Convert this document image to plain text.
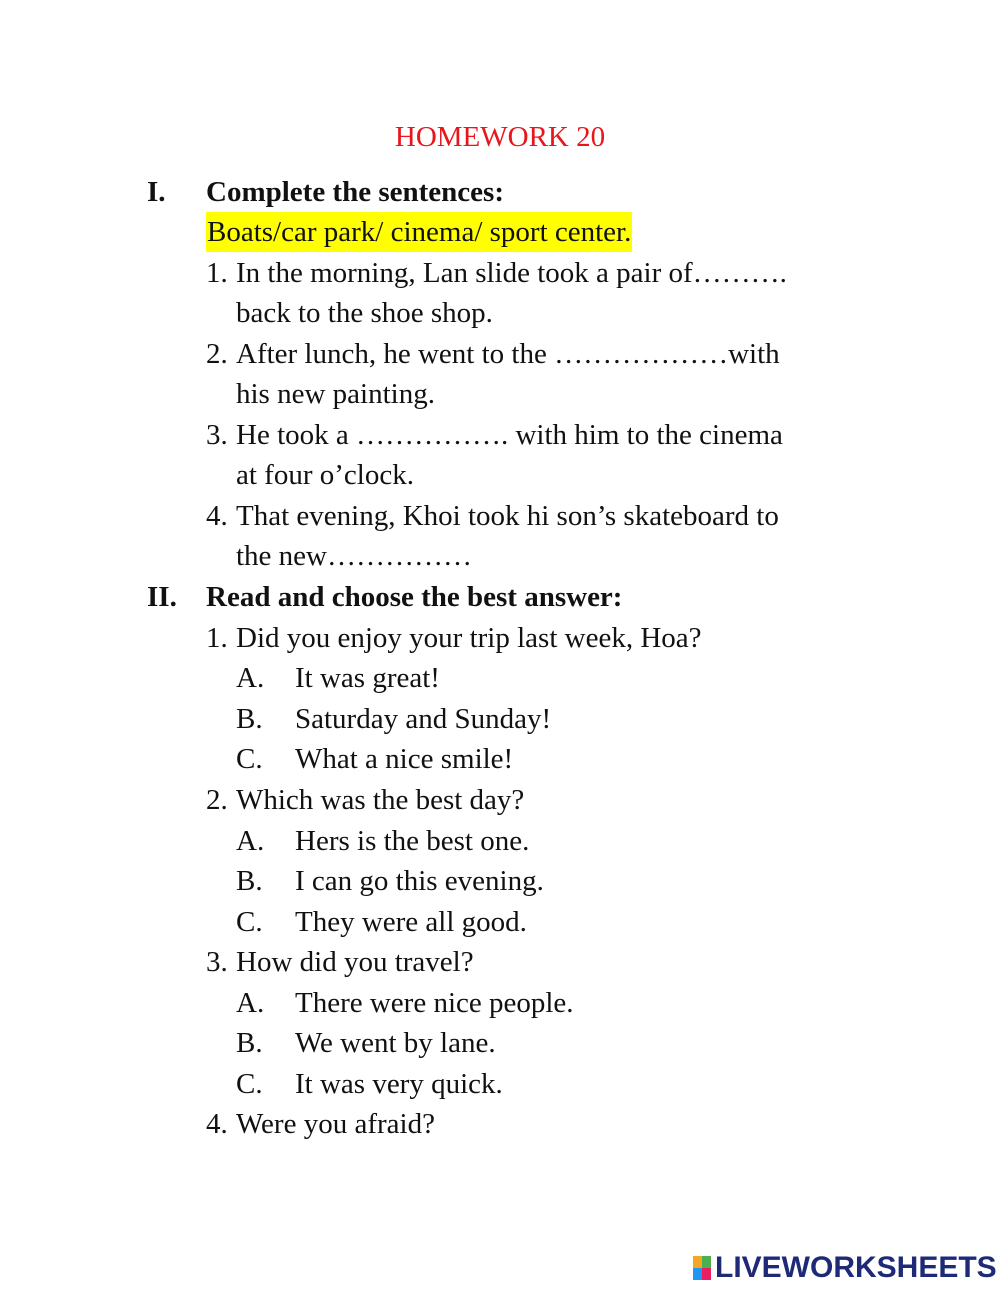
HOMEWORK 20
I. Complete the sentences:
Boats/car park/ cinema/ sport center.
1. In the morning, Lan slide took a pair of……….
back to the shoe shop.
2. After lunch, he went to the ………………with
his new painting.
3. He took a ……………. with him to the cinema
at four o’clock.
4. That evening, Khoi took hi son’s skateboard to
the new……………
II. Read and choose the best answer:
1. Did you enjoy your trip last week, Hoa?
A. It was great!
B. Saturday and Sunday!
C. What a nice smile!
2. Which was the best day?
A. Hers is the best one.
B. I can go this evening.
C. They were all good.
3. How did you travel?
A. There were nice people.
B. We went by lane.
C. It was very quick.
4. Were you afraid?
LIVEWORKSHEETS
